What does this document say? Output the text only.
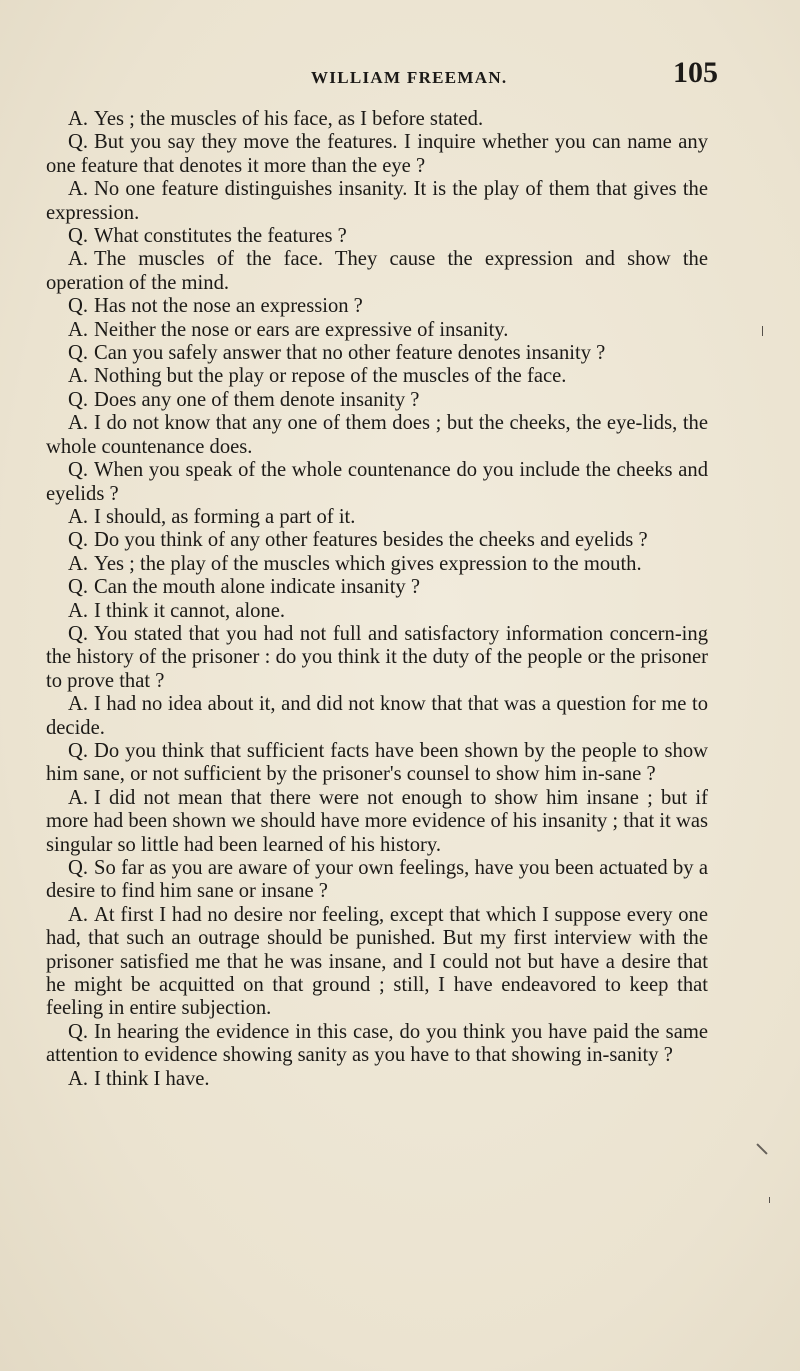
WILLIAM FREEMAN.	105

A. Yes ; the muscles of his face, as I before stated.

Q. But you say they move the features. I inquire whether you can name any one feature that denotes it more than the eye ?

A. No one feature distinguishes insanity. It is the play of them that gives the expression.

Q. What constitutes the features ?

A. The muscles of the face. They cause the expression and show the operation of the mind.

Q. Has not the nose an expression ?

A. Neither the nose or ears are expressive of insanity.

Q. Can you safely answer that no other feature denotes insanity ?

A. Nothing but the play or repose of the muscles of the face.

Q. Does any one of them denote insanity ?

A. I do not know that any one of them does ; but the cheeks, the eye-lids, the whole countenance does.

Q. When you speak of the whole countenance do you include the cheeks and eyelids ?

A. I should, as forming a part of it.

Q. Do you think of any other features besides the cheeks and eyelids ?

A. Yes ; the play of the muscles which gives expression to the mouth.

Q. Can the mouth alone indicate insanity ?

A. I think it cannot, alone.

Q. You stated that you had not full and satisfactory information concern-ing the history of the prisoner : do you think it the duty of the people or the prisoner to prove that ?

A. I had no idea about it, and did not know that that was a question for me to decide.

Q. Do you think that sufficient facts have been shown by the people to show him sane, or not sufficient by the prisoner's counsel to show him in-sane ?

A. I did not mean that there were not enough to show him insane ; but if more had been shown we should have more evidence of his insanity ; that it was singular so little had been learned of his history.

Q. So far as you are aware of your own feelings, have you been actuated by a desire to find him sane or insane ?

A. At first I had no desire nor feeling, except that which I suppose every one had, that such an outrage should be punished. But my first interview with the prisoner satisfied me that he was insane, and I could not but have a desire that he might be acquitted on that ground ; still, I have endeavored to keep that feeling in entire subjection.

Q. In hearing the evidence in this case, do you think you have paid the same attention to evidence showing sanity as you have to that showing in-sanity ?

A. I think I have.
